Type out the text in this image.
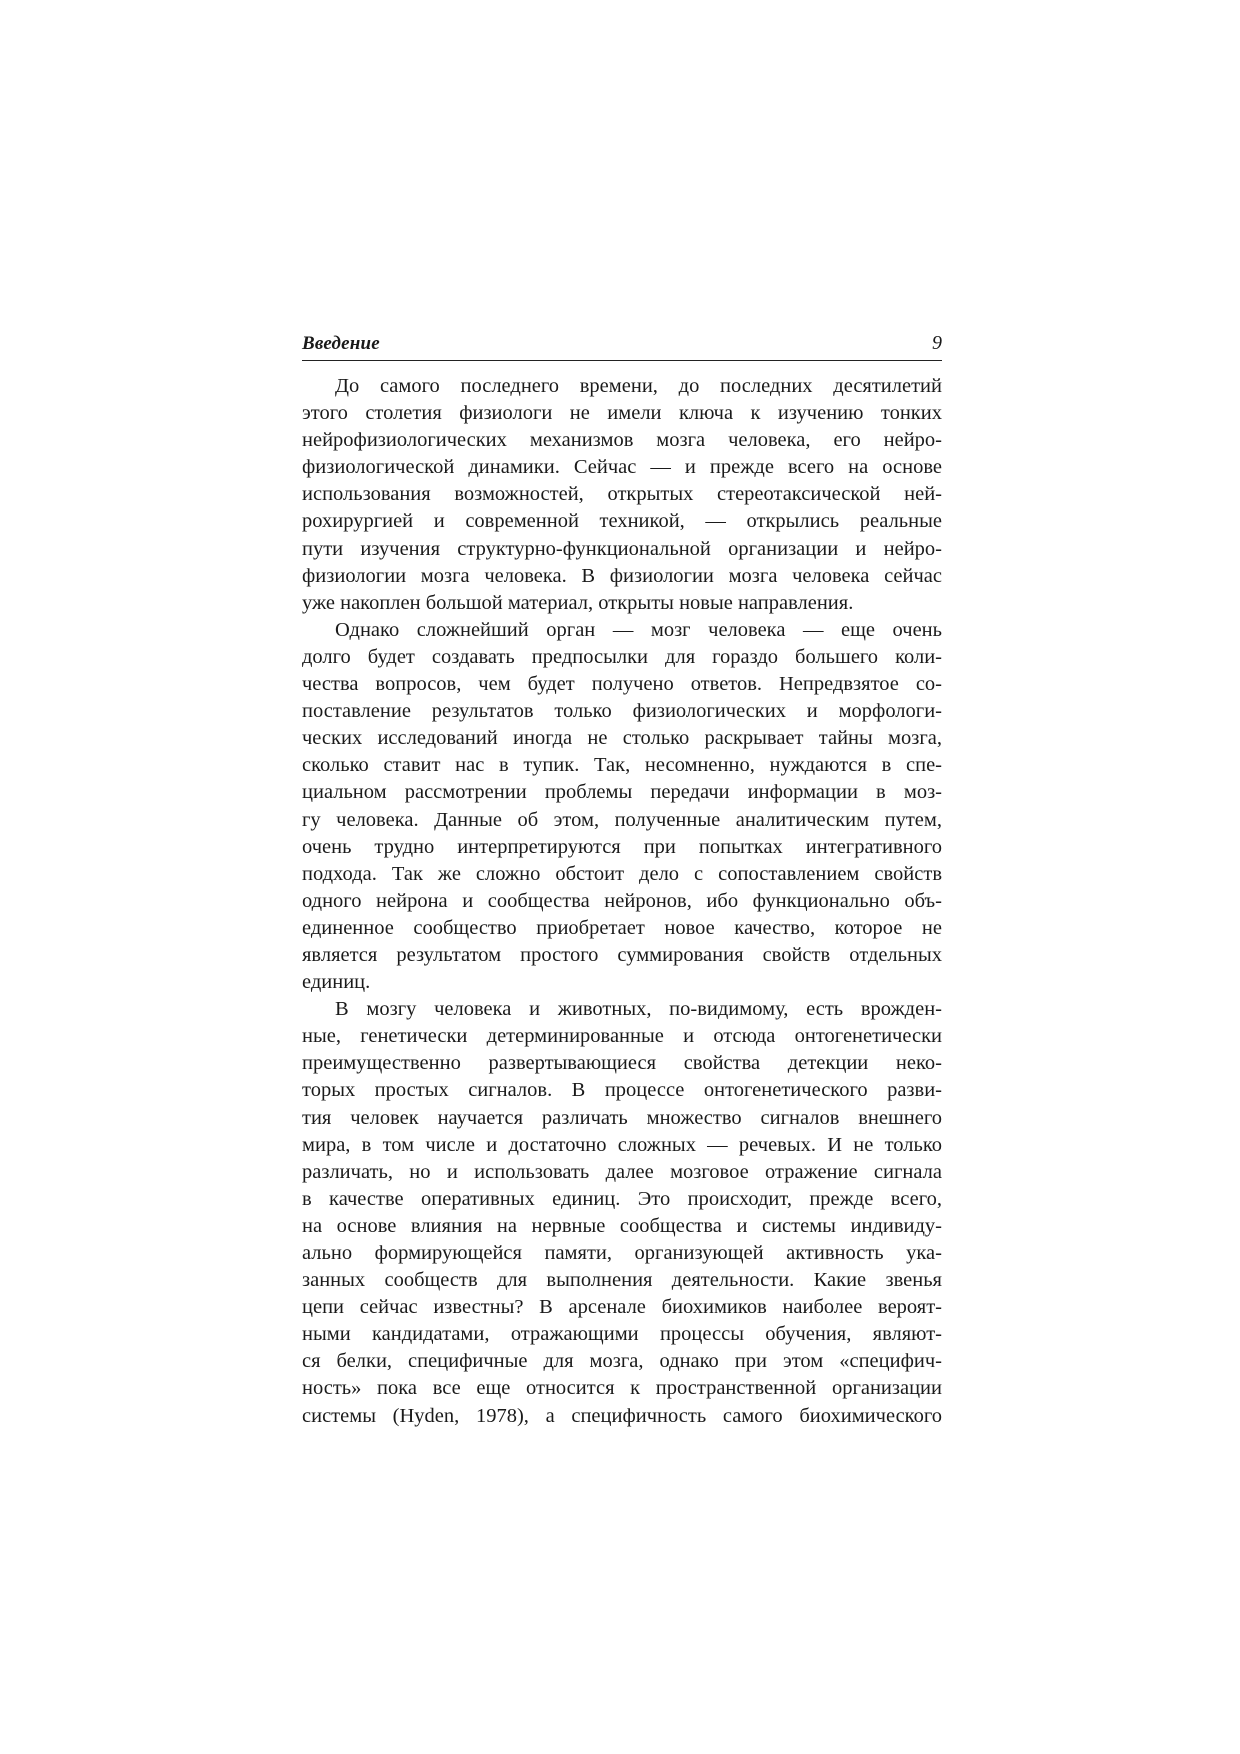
Введение	9

До самого последнего времени, до последних десятилетий
этого столетия физиологи не имели ключа к изучению тонких
нейрофизиологических механизмов мозга человека, его нейро-
физиологической динамики. Сейчас — и прежде всего на основе
использования возможностей, открытых стереотаксической ней-
рохирургией и современной техникой, — открылись реальные
пути изучения структурно-функциональной организации и нейро-
физиологии мозга человека. В физиологии мозга человека сейчас
уже накоплен большой материал, открыты новые направления.

Однако сложнейший орган — мозг человека — еще очень
долго будет создавать предпосылки для гораздо большего коли-
чества вопросов, чем будет получено ответов. Непредвзятое со-
поставление результатов только физиологических и морфологи-
ческих исследований иногда не столько раскрывает тайны мозга,
сколько ставит нас в тупик. Так, несомненно, нуждаются в спе-
циальном рассмотрении проблемы передачи информации в моз-
гу человека. Данные об этом, полученные аналитическим путем,
очень трудно интерпретируются при попытках интегративного
подхода. Так же сложно обстоит дело с сопоставлением свойств
одного нейрона и сообщества нейронов, ибо функционально объ-
единенное сообщество приобретает новое качество, которое не
является результатом простого суммирования свойств отдельных
единиц.

В мозгу человека и животных, по-видимому, есть врожден-
ные, генетически детерминированные и отсюда онтогенетически
преимущественно развертывающиеся свойства детекции неко-
торых простых сигналов. В процессе онтогенетического разви-
тия человек научается различать множество сигналов внешнего
мира, в том числе и достаточно сложных — речевых. И не только
различать, но и использовать далее мозговое отражение сигнала
в качестве оперативных единиц. Это происходит, прежде всего,
на основе влияния на нервные сообщества и системы индивиду-
ально формирующейся памяти, организующей активность ука-
занных сообществ для выполнения деятельности. Какие звенья
цепи сейчас известны? В арсенале биохимиков наиболее вероят-
ными кандидатами, отражающими процессы обучения, являют-
ся белки, специфичные для мозга, однако при этом «специфич-
ность» пока все еще относится к пространственной организации
системы (Hyden, 1978), а специфичность самого биохимического
